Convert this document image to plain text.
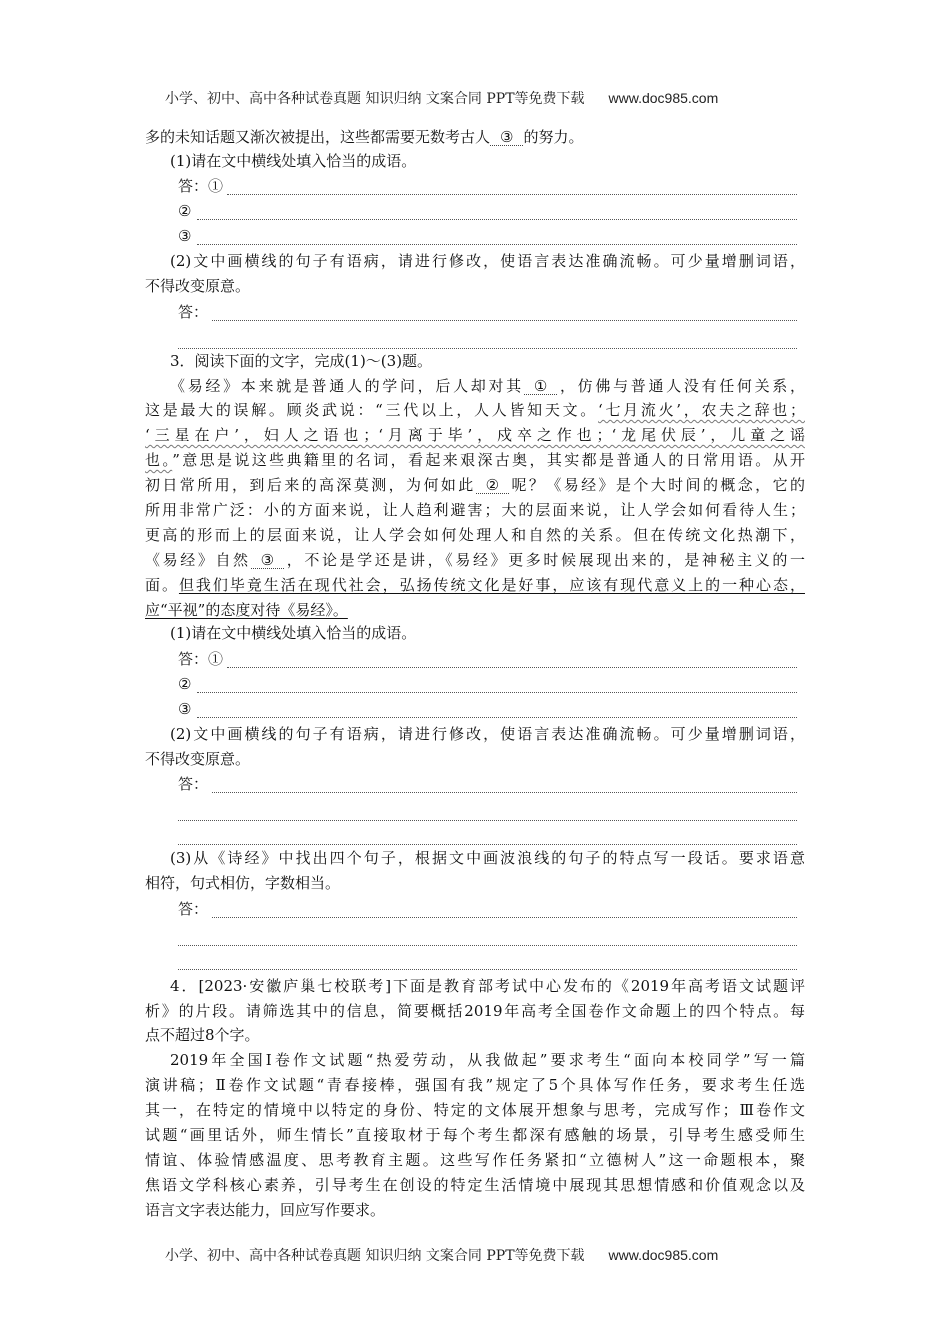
小学、初中、高中各种试卷真题 知识归纳 文案合同 PPT等免费下载 www.doc985.com
多的未知话题又渐次被提出，这些都需要无数考古人 ③ 的努力。
(1)请在文中横线处填入恰当的成语。
答：①
②
③
(2)文中画横线的句子有语病，请进行修改，使语言表达准确流畅。可少量增删词语，
不得改变原意。
答：
3．阅读下面的文字，完成(1)～(3)题。
《易经》本来就是普通人的学问，后人却对其 ① ，仿佛与普通人没有任何关系，
这是最大的误解。顾炎武说：“三代以上，人人皆知天文。‘七月流火’，农夫之辞也；
‘三星在户’，妇人之语也；‘月离于毕’，戍卒之作也；‘龙尾伏辰’，儿童之谣
也。”意思是说这些典籍里的名词，看起来艰深古奥，其实都是普通人的日常用语。从开
初日常所用，到后来的高深莫测，为何如此 ② 呢？《易经》是个大时间的概念，它的
所用非常广泛：小的方面来说，让人趋利避害；大的层面来说，让人学会如何看待人生；
更高的形而上的层面来说，让人学会如何处理人和自然的关系。但在传统文化热潮下，
《易经》自然 ③ ，不论是学还是讲，《易经》更多时候展现出来的，是神秘主义的一
面。但我们毕竟生活在现代社会，弘扬传统文化是好事，应该有现代意义上的一种心态，
应“平视”的态度对待《易经》。
(1)请在文中横线处填入恰当的成语。
答：①
②
③
(2)文中画横线的句子有语病，请进行修改，使语言表达准确流畅。可少量增删词语，
不得改变原意。
答：
(3)从《诗经》中找出四个句子，根据文中画波浪线的句子的特点写一段话。要求语意
相符，句式相仿，字数相当。
答：
4．[2023·安徽庐巢七校联考]下面是教育部考试中心发布的《2019年高考语文试题评
析》的片段。请筛选其中的信息，简要概括2019年高考全国卷作文命题上的四个特点。每
点不超过8个字。
2019年全国Ⅰ卷作文试题“热爱劳动，从我做起”要求考生“面向本校同学”写一篇
演讲稿；Ⅱ卷作文试题“青春接棒，强国有我”规定了5个具体写作任务，要求考生任选
其一，在特定的情境中以特定的身份、特定的文体展开想象与思考，完成写作；Ⅲ卷作文
试题“画里话外，师生情长”直接取材于每个考生都深有感触的场景，引导考生感受师生
情谊、体验情感温度、思考教育主题。这些写作任务紧扣“立德树人”这一命题根本，聚
焦语文学科核心素养，引导考生在创设的特定生活情境中展现其思想情感和价值观念以及
语言文字表达能力，回应写作要求。
小学、初中、高中各种试卷真题 知识归纳 文案合同 PPT等免费下载 www.doc985.com
